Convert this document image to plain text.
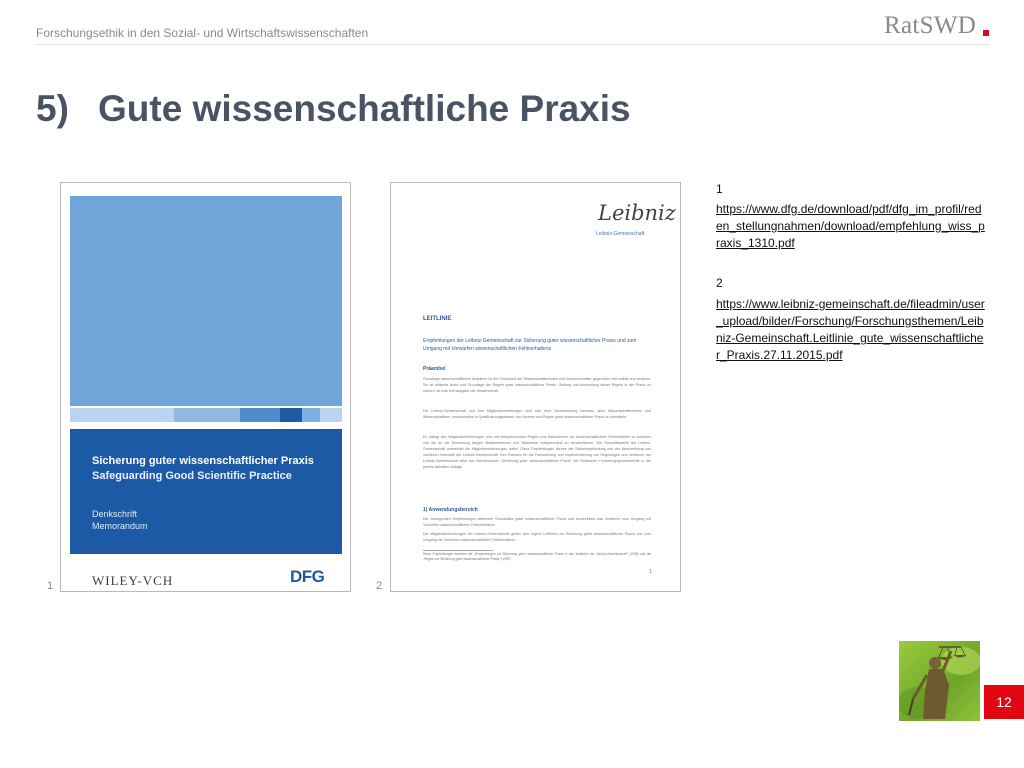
Forschungsethik in den Sozial- und Wirtschaftswissenschaften	RatSWD
5) Gute wissenschaftliche Praxis
Sicherung guter wissenschaftlicher Praxis
Safeguarding Good Scientific Practice
Denkschrift
Memorandum
WILEY-VCH	DFG
1
Leibniz
Leibniz-Gemeinschaft
LEITLINIE
Empfehlungen der Leibniz-Gemeinschaft zur Sicherung guter wissenschaftlicher Praxis und zum Umgang mit Vorwürfen wissenschaftlichen Fehlverhaltens
Präambel
Grundlage wissenschaftlichen Arbeitens ist die Ehrlichkeit der Wissenschaftlerinnen und Wissenschaftler gegenüber sich selbst und anderen. Sie ist ethische Norm und Grundlage der Regeln guter wissenschaftlicher Praxis. Geltung und Anwendung dieser Regeln in der Praxis zu sichern, ist eine Kernaufgabe der Wissenschaft.
Die Leibniz-Gemeinschaft und ihre Mitgliedseinrichtungen sind sich ihrer Verantwortung bewusst, allen Wissenschaftlerinnen und Wissenschaftlern, insbesondere in Qualifizierungsphasen, die Normen und Regeln guter wissenschaftlicher Praxis zu vermitteln.
Es obliegt den Mitgliedseinrichtungen, sich mit entsprechenden Regeln und Maßnahmen vor wissenschaftlichem Fehlverhalten zu schützen und die an der Einrichtung tätigen Mitarbeiterinnen und Mitarbeiter entsprechend zu sensibilisieren. Die Geschäftsstelle der Leibniz-Gemeinschaft unterstützt die Mitgliedseinrichtungen dabei. Diese Empfehlungen dienen der Selbstverpflichtung und der Beschreibung von Verfahren innerhalb der Leibniz-Gemeinschaft. Den Rahmen für die Formulierung und Implementierung von Regelungen und Verfahren der Leibniz-Gemeinschaft setzt das Memorandum „Sicherung guter wissenschaftlicher Praxis“ der Deutschen Forschungsgemeinschaft in der jeweils aktuellen Auflage.
1) Anwendungsbereich
Die vorliegenden Empfehlungen definieren Grundsätze guter wissenschaftlicher Praxis und beschreiben das Verfahren zum Umgang mit Vorwürfen wissenschaftlichen Fehlverhaltens.
Die Mitgliedseinrichtungen der Leibniz-Gemeinschaft geben sich eigene Leitlinien zur Sicherung guter wissenschaftlicher Praxis und zum Umgang mit Vorwürfen wissenschaftlichen Fehlverhaltens.
Diese Empfehlungen ersetzen die „Empfehlungen zur Sicherung guter wissenschaftlicher Praxis in den Instituten der Leibniz-Gemeinschaft“ (1998) und die „Regeln zur Sicherung guter wissenschaftlicher Praxis“ (1999).
1
2
1
https://www.dfg.de/download/pdf/dfg_im_profil/reden_stellungnahmen/download/empfehlung_wiss_praxis_1310.pdf
2
https://www.leibniz-gemeinschaft.de/fileadmin/user_upload/bilder/Forschung/Forschungsthemen/Leibniz-Gemeinschaft.Leitlinie_gute_wissenschaftlicher_Praxis.27.11.2015.pdf
12
